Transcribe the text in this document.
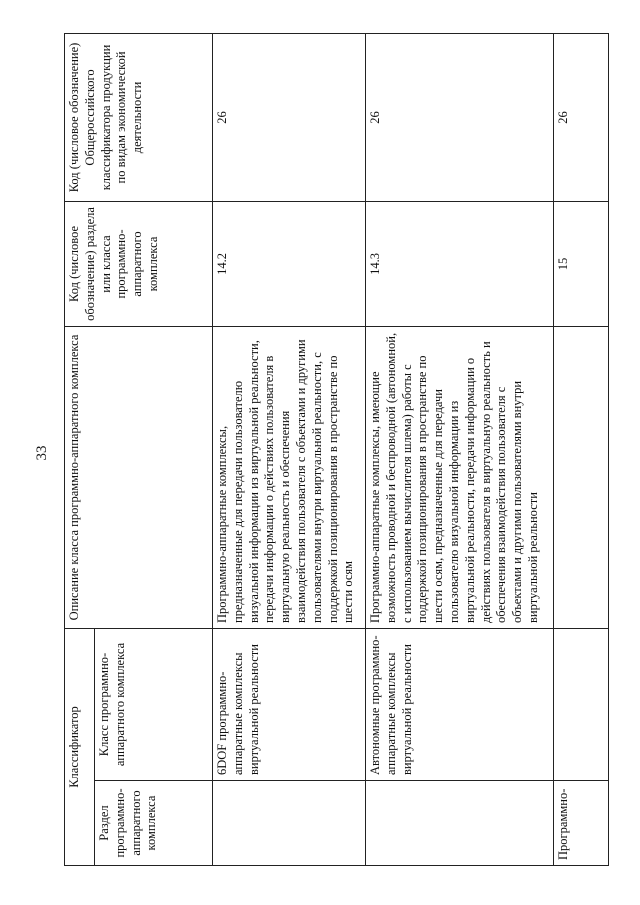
33
Классификатор		Описание класса программно-аппаратного комплекса	Код (числовое обозначение) раздела или класса программно-аппаратного комплекса	Код (числовое обозначение) Общероссийского классификатора продукции по видам экономической деятельности
Раздел программно-аппаратного комплекса	Класс программно-аппаратного комплекса			
	6DOF программно-аппаратные комплексы виртуальной реальности	Программно-аппаратные комплексы, предназначенные для передачи пользователю визуальной информации из виртуальной реальности, передачи информации о действиях пользователя в виртуальную реальность и обеспечения взаимодействия пользователя с объектами и другими пользователями внутри виртуальной реальности, с поддержкой позиционирования в пространстве по шести осям	14.2	26
	Автономные программно-аппаратные комплексы виртуальной реальности	Программно-аппаратные комплексы, имеющие возможность проводной и беспроводной (автономной, с использованием вычислителя шлема) работы с поддержкой позиционирования в пространстве по шести осям, предназначенные для передачи пользователю визуальной информации из виртуальной реальности, передачи информации о действиях пользователя в виртуальную реальность и обеспечения взаимодействия пользователя с объектами и другими пользователями внутри виртуальной реальности	14.3	26
Программно-			15	26
